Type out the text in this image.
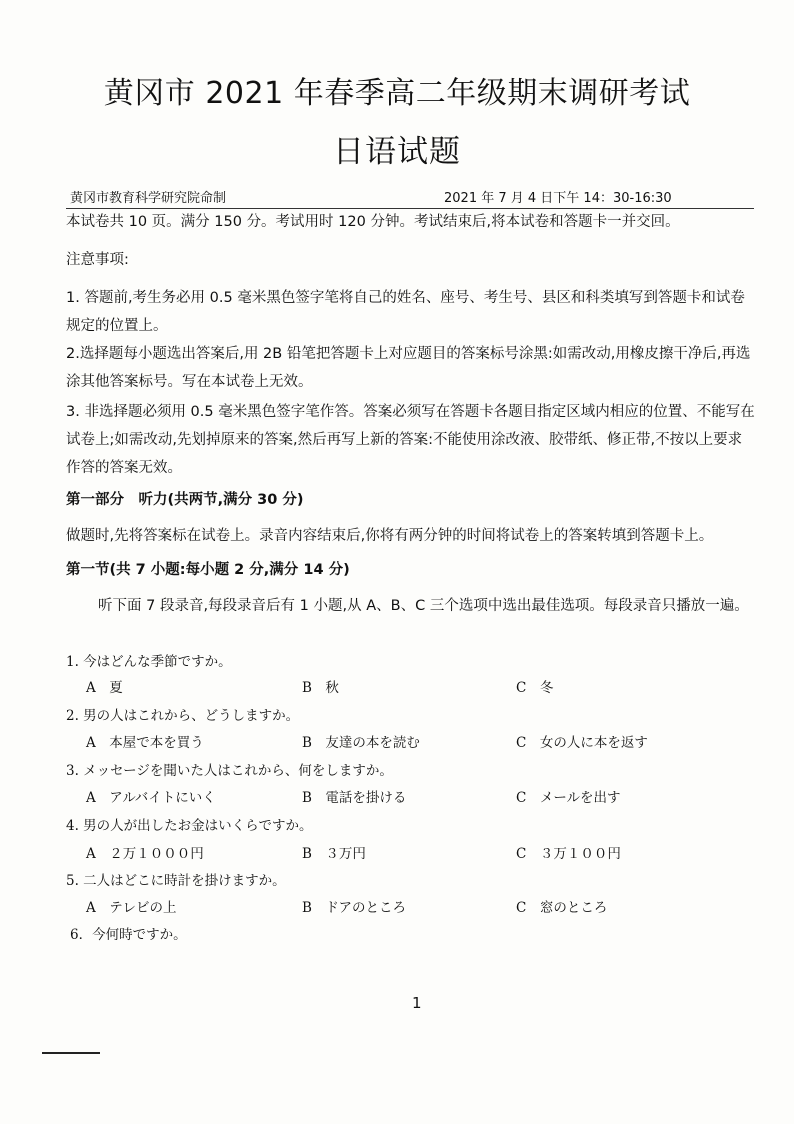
黄冈市 2021 年春季高二年级期末调研考试
日语试题
黄冈市教育科学研究院命制	2021 年 7 月 4 日下午 14：30-16:30
本试卷共 10 页。满分 150 分。考试用时 120 分钟。考试结束后,将本试卷和答题卡一并交回。
注意事项:
1. 答题前,考生务必用 0.5 毫米黑色签字笔将自己的姓名、座号、考生号、县区和科类填写到答题卡和试卷规定的位置上。
2.选择题每小题选出答案后,用 2B 铅笔把答题卡上对应题目的答案标号涂黑:如需改动,用橡皮擦干净后,再选涂其他答案标号。写在本试卷上无效。
3. 非选择题必须用 0.5 毫米黑色签字笔作答。答案必须写在答题卡各题目指定区域内相应的位置、不能写在试卷上;如需改动,先划掉原来的答案,然后再写上新的答案:不能使用涂改液、胶带纸、修正带,不按以上要求作答的答案无效。
第一部分　听力(共两节,满分 30 分)
做题时,先将答案标在试卷上。录音内容结束后,你将有两分钟的时间将试卷上的答案转填到答题卡上。
第一节(共 7 小题:每小题 2 分,满分 14 分)
听下面 7 段录音,每段录音后有 1 小题,从 A、B、C 三个选项中选出最佳选项。每段录音只播放一遍。
1. 今はどんな季節ですか。
A　夏	B　秋	C　冬
2. 男の人はこれから、どうしますか。
A　本屋で本を買う	B　友達の本を読む	C　女の人に本を返す
3. メッセージを聞いた人はこれから、何をしますか。
A　アルバイトにいく	B　電話を掛ける	C　メールを出す
4. 男の人が出したお金はいくらですか。
A　２万１０００円	B　３万円	C　３万１００円
5. 二人はどこに時計を掛けますか。
A　テレビの上	B　ドアのところ	C　窓のところ
6．今何時ですか。
1
